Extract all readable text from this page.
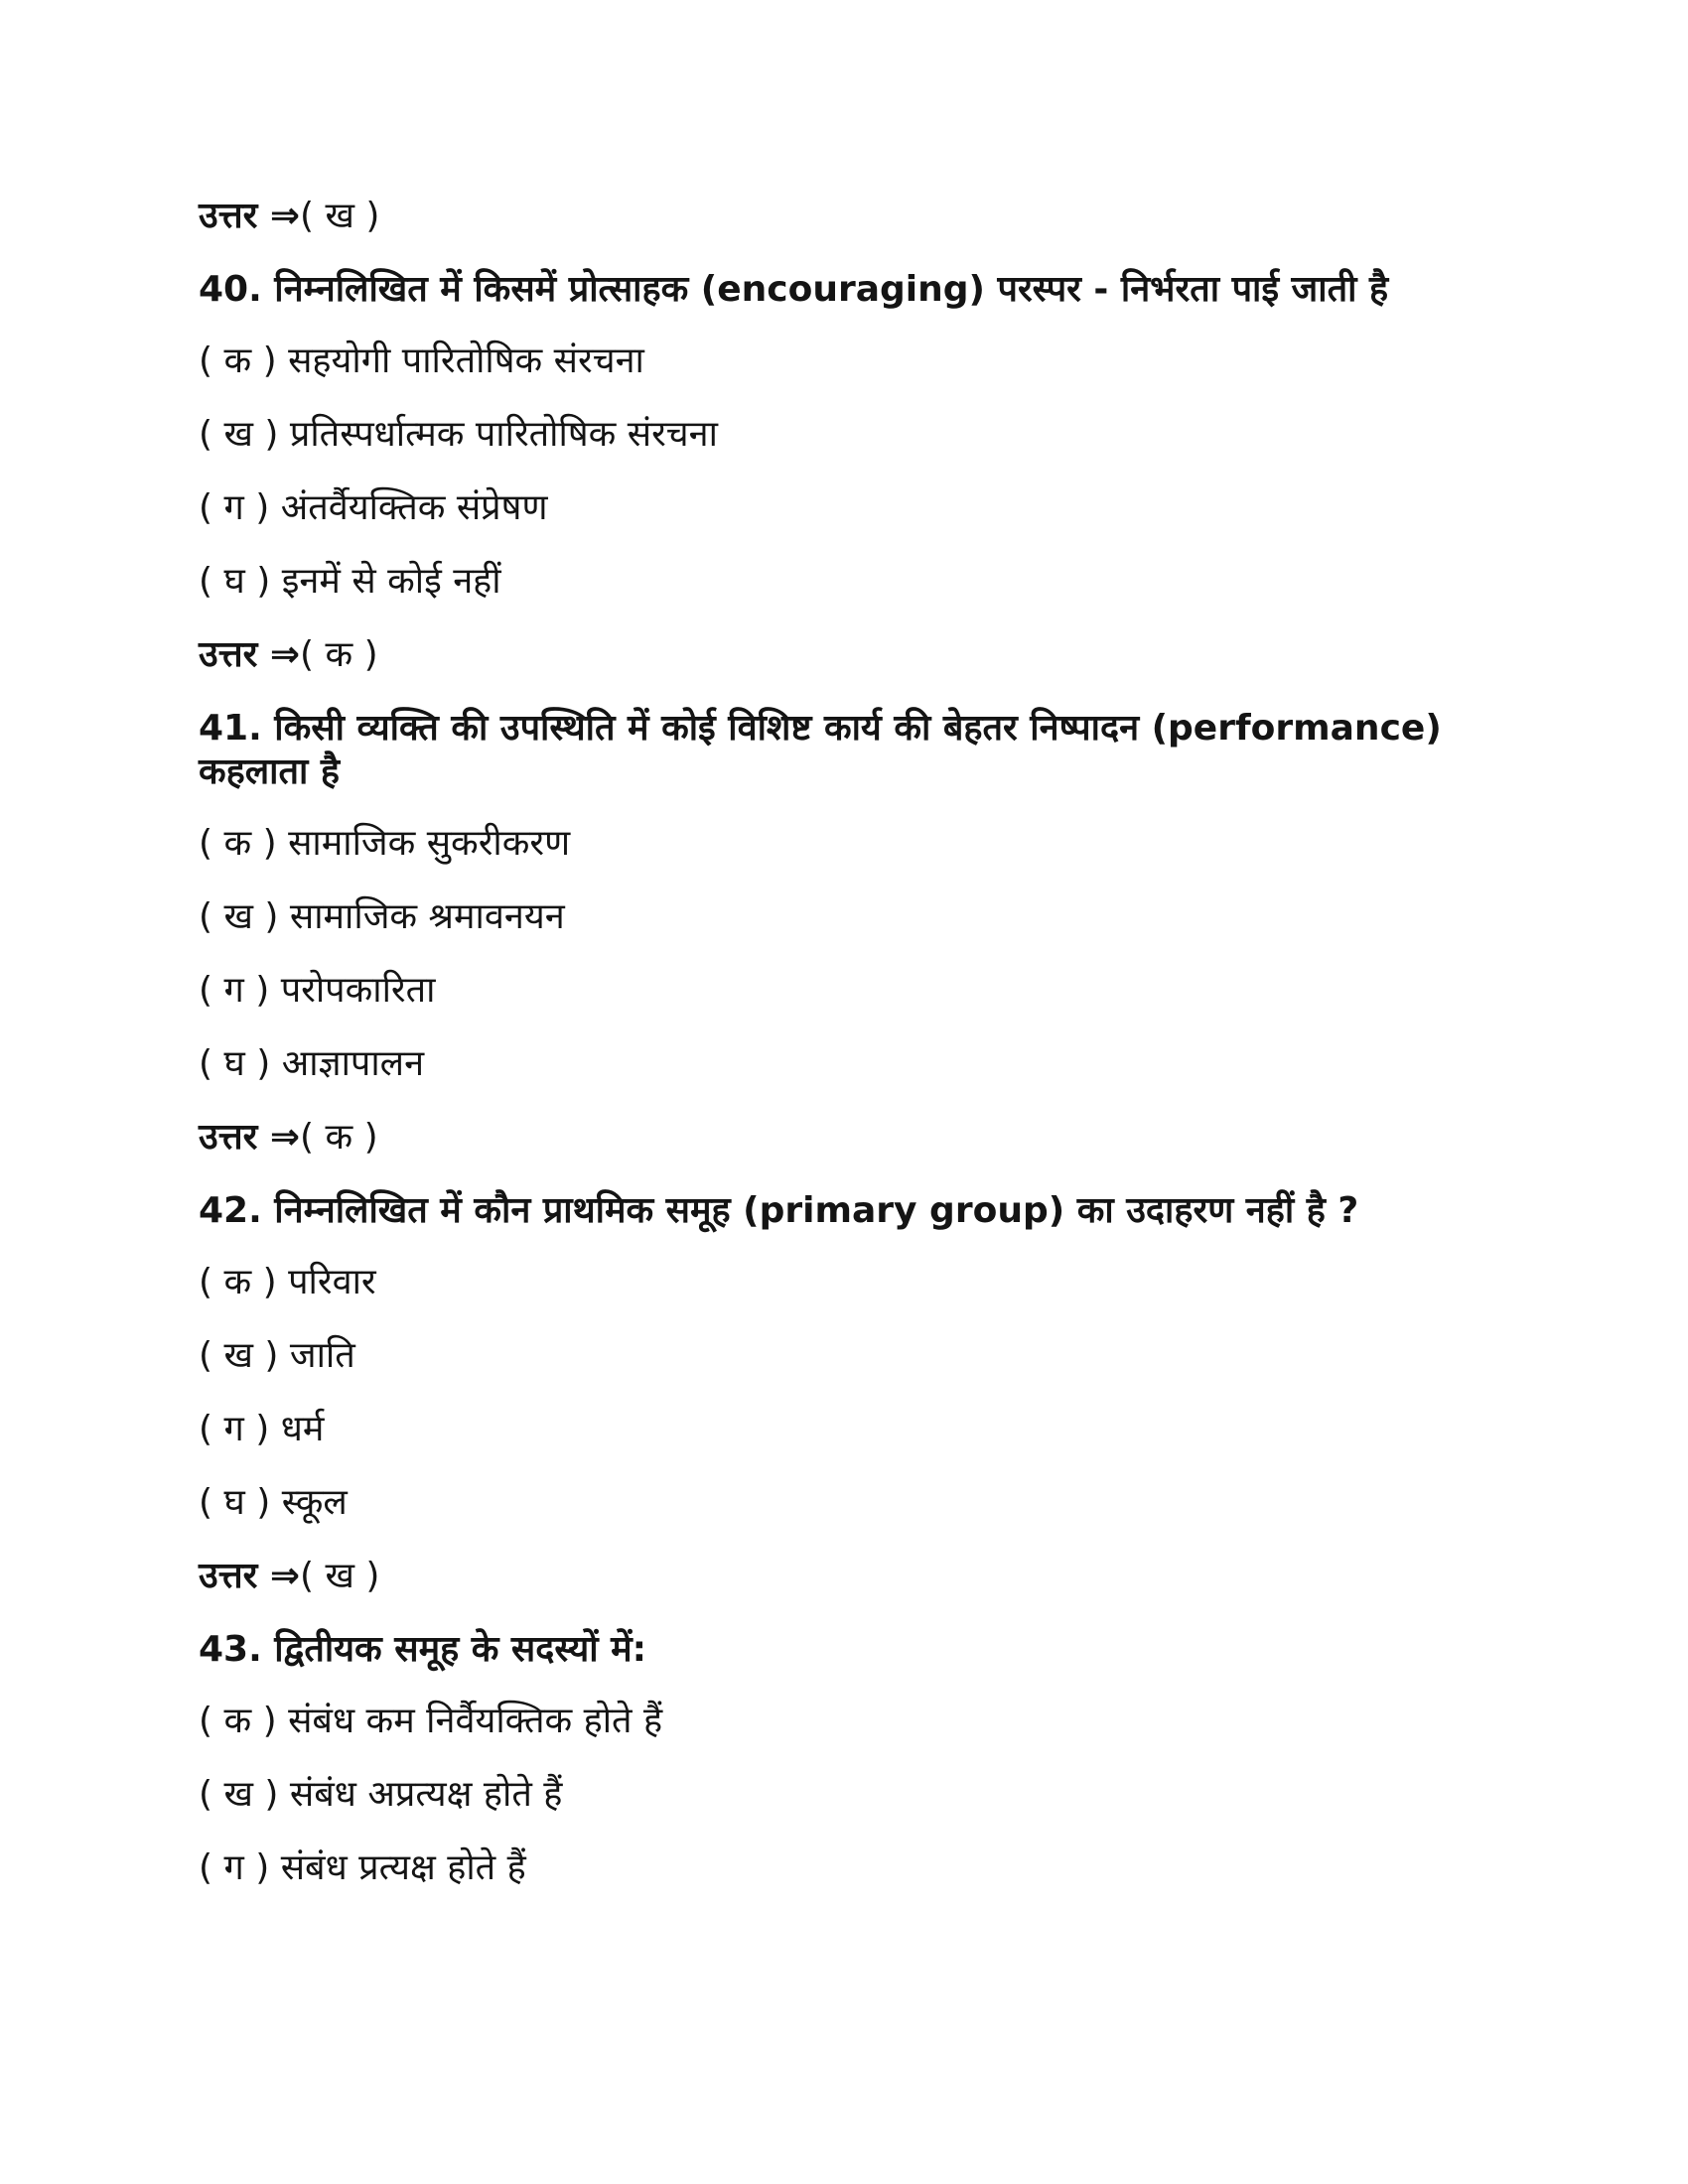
उत्तर ⇒( ख )
40. निम्नलिखित में किसमें प्रोत्साहक (encouraging) परस्पर - निर्भरता पाई जाती है
( क ) सहयोगी पारितोषिक संरचना
( ख ) प्रतिस्पर्धात्मक पारितोषिक संरचना
( ग ) अंतर्वैयक्तिक संप्रेषण
( घ ) इनमें से कोई नहीं
उत्तर ⇒( क )
41. किसी व्यक्ति की उपस्थिति में कोई विशिष्ट कार्य की बेहतर निष्पादन (performance) कहलाता है
( क ) सामाजिक सुकरीकरण
( ख ) सामाजिक श्रमावनयन
( ग ) परोपकारिता
( घ ) आज्ञापालन
उत्तर ⇒( क )
42. निम्नलिखित में कौन प्राथमिक समूह (primary group) का उदाहरण नहीं है ?
( क ) परिवार
( ख ) जाति
( ग ) धर्म
( घ ) स्कूल
उत्तर ⇒( ख )
43. द्वितीयक समूह के सदस्यों में:
( क ) संबंध कम निर्वैयक्तिक होते हैं
( ख ) संबंध अप्रत्यक्ष होते हैं
( ग ) संबंध प्रत्यक्ष होते हैं
